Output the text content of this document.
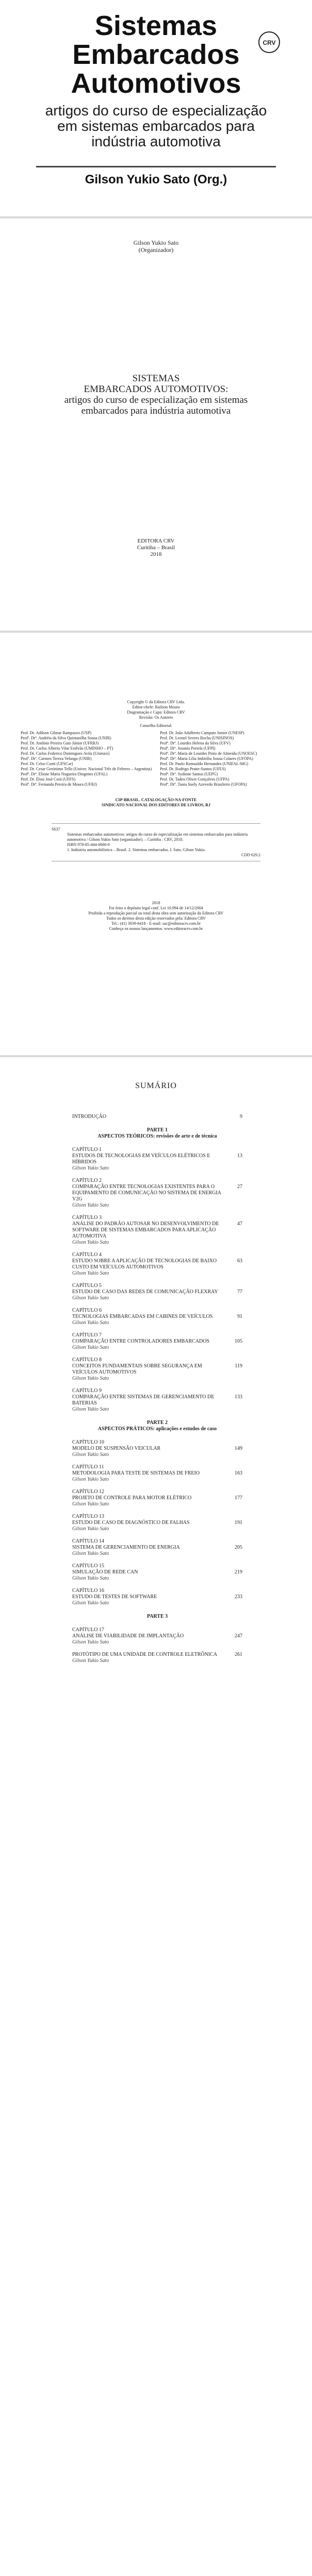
Sistemas
Embarcados
Automotivos
CRV
artigos do curso de especialização em sistemas embarcados para indústria automotiva
Gilson Yukio Sato (Org.)
Gilson Yukio Sato
(Organizador)
SISTEMAS
EMBARCADOS AUTOMOTIVOS:
artigos do curso de especialização em sistemas embarcados para indústria automotiva
EDITORA CRV
Curitiba – Brasil
2018
Copyright © da Editora CRV Ltda.
Editor-chefe: Railson Moura
Diagramação e Capa: Editora CRV
Revisão: Os Autores
Conselho Editorial:
Prof. Dr. Adilson Gilmar Rampazzo (USP)
Profª. Drª. Andréia da Silva Quintanilha Sousa (UNIR)
Prof. Dr. Antônio Pereira Gaio Júnior (UFRRJ)
Prof. Dr. Carlos Alberto Vilar Estêvão (UMINHO – PT)
Prof. Dr. Carlos Federico Dominguez Avila (Unieuro)
Profª. Drª. Carmen Tereza Velanga (UNIR)
Prof. Dr. Celso Conti (UFSCar)
Prof. Dr. Cesar Gerónimo Tello (Univer. Nacional Três de Febrero – Argentina)
Profª. Drª. Elione Maria Nogueira Diogenes (UFAL)
Prof. Dr. Élsio José Corá (UFFS)
Profª. Drª. Fernanda Pereira de Moura (UFRJ)
Prof. Dr. João Adalberto Campato Junior (UNESP)
Prof. Dr. Leonel Severo Rocha (UNISINOS)
Profª. Drª. Lourdes Helena da Silva (UFV)
Profª. Drª. Josania Portela (UFPI)
Profª. Drª. Maria de Lourdes Pinto de Almeida (UNOESC)
Profª. Drª. Maria Lília Imbiriba Sousa Colares (UFOPA)
Prof. Dr. Paulo Romualdo Hernandes (UNIFAL-MG)
Prof. Dr. Rodrigo Pratte-Santos (UFES)
Profª. Drª. Sydione Santos (UEPG)
Prof. Dr. Tadeu Oliver Gonçalves (UFPA)
Profª. Drª. Tania Suely Azevedo Brasileiro (UFOPA)
CIP-BRASIL. CATALOGAÇÃO-NA-FONTE
SINDICATO NACIONAL DOS EDITORES DE LIVROS, RJ
S637
Sistemas embarcados automotivos: artigos do curso de especialização em sistemas embarcados para indústria automotiva / Gilson Yukio Sato (organizador). – Curitiba : CRV, 2018.
ISBN 978-85-444-0000-0
1. Indústria automobilística – Brasil. 2. Sistemas embarcados. I. Sato, Gilson Yukio.
CDD 629.2
2018
Foi feito o depósito legal conf. Lei 10.994 de 14/12/2004
Proibida a reprodução parcial ou total desta obra sem autorização da Editora CRV
Todos os direitos desta edição reservados pela: Editora CRV
Tel.: (41) 3039-6418 - E-mail: sac@editoracrv.com.br
Conheça os nossos lançamentos: www.editoracrv.com.br
SUMÁRIO
INTRODUÇÃO	9
PARTE 1
ASPECTOS TEÓRICOS: revisões de arte e de técnica
CAPÍTULO 1
ESTUDOS DE TECNOLOGIAS EM VEÍCULOS ELÉTRICOS E HÍBRIDOS
13
Gilson Yukio Sato
CAPÍTULO 2
COMPARAÇÃO ENTRE TECNOLOGIAS EXISTENTES PARA O EQUIPAMENTO DE COMUNICAÇÃO NO SISTEMA DE ENERGIA V2G
27
Gilson Yukio Sato
CAPÍTULO 3
ANÁLISE DO PADRÃO AUTOSAR NO DESENVOLVIMENTO DE SOFTWARE DE SISTEMAS EMBARCADOS PARA APLICAÇÃO AUTOMOTIVA
47
Gilson Yukio Sato
CAPÍTULO 4
ESTUDO SOBRE A APLICAÇÃO DE TECNOLOGIAS DE BAIXO CUSTO EM VEÍCULOS AUTOMOTIVOS
63
Gilson Yukio Sato
CAPÍTULO 5
ESTUDO DE CASO DAS REDES DE COMUNICAÇÃO FLEXRAY	77
Gilson Yukio Sato
CAPÍTULO 6
TECNOLOGIAS EMBARCADAS EM CABINES DE VEÍCULOS	91
Gilson Yukio Sato
CAPÍTULO 7
COMPARAÇÃO ENTRE CONTROLADORES EMBARCADOS	105
Gilson Yukio Sato
CAPÍTULO 8
CONCEITOS FUNDAMENTAIS SOBRE SEGURANÇA EM VEÍCULOS AUTOMOTIVOS
119
Gilson Yukio Sato
CAPÍTULO 9
COMPARAÇÃO ENTRE SISTEMAS DE GERENCIAMENTO DE BATERIAS
133
Gilson Yukio Sato
PARTE 2
ASPECTOS PRÁTICOS: aplicações e estudos de caso
CAPÍTULO 10
MODELO DE SUSPENSÃO VEICULAR	149
Gilson Yukio Sato
CAPÍTULO 11
METODOLOGIA PARA TESTE DE SISTEMAS DE FREIO	163
Gilson Yukio Sato
CAPÍTULO 12
PROJETO DE CONTROLE PARA MOTOR ELÉTRICO	177
Gilson Yukio Sato
CAPÍTULO 13
ESTUDO DE CASO DE DIAGNÓSTICO DE FALHAS	191
Gilson Yukio Sato
CAPÍTULO 14
SISTEMA DE GERENCIAMENTO DE ENERGIA	205
Gilson Yukio Sato
CAPÍTULO 15
SIMULAÇÃO DE REDE CAN	219
Gilson Yukio Sato
CAPÍTULO 16
ESTUDO DE TESTES DE SOFTWARE	233
Gilson Yukio Sato
PARTE 3
CAPÍTULO 17
ANÁLISE DE VIABILIDADE DE IMPLANTAÇÃO	247
Gilson Yukio Sato
PROTÓTIPO DE UMA UNIDADE DE CONTROLE ELETRÔNICA	261
Gilson Yukio Sato
